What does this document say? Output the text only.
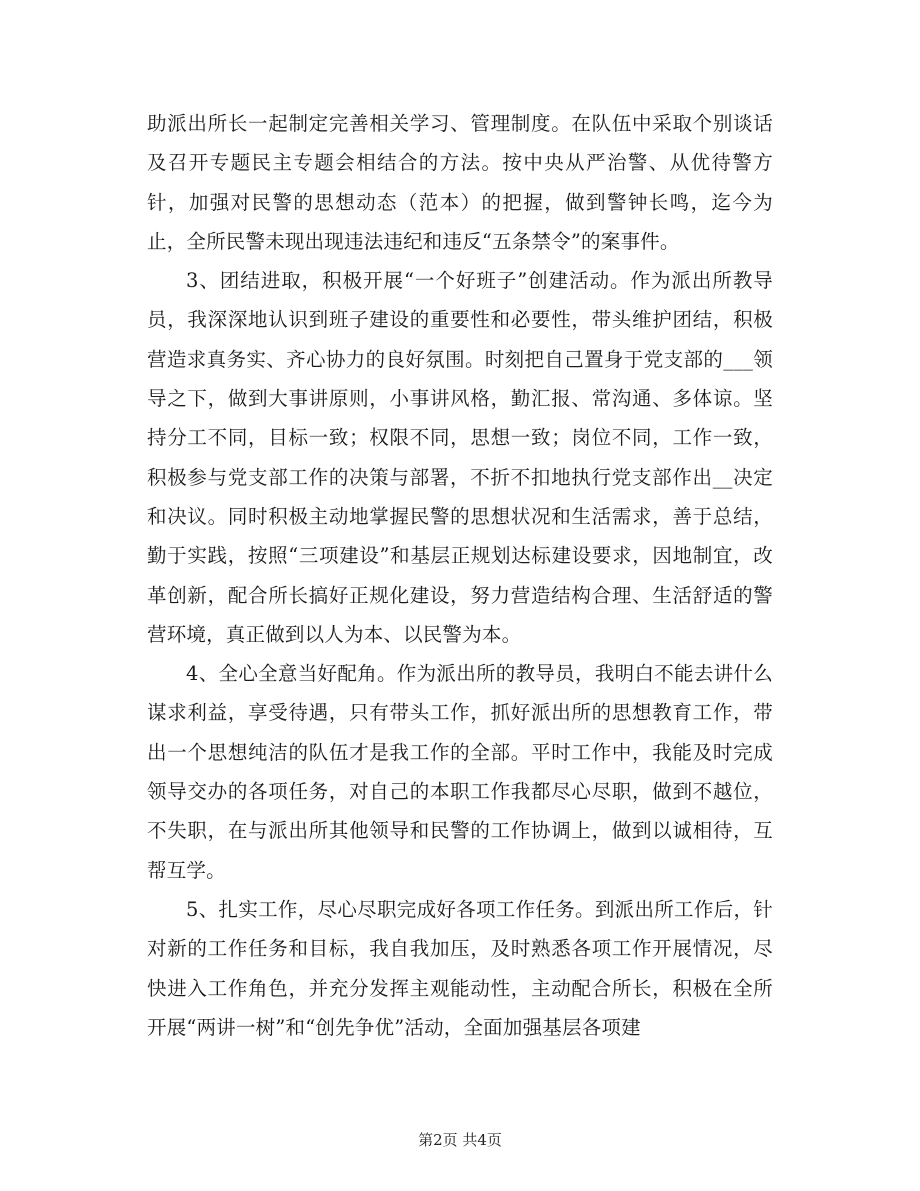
助派出所长一起制定完善相关学习、管理制度。在队伍中采取个别谈话及召开专题民主专题会相结合的方法。按中央从严治警、从优待警方针，加强对民警的思想动态（范本）的把握，做到警钟长鸣，迄今为止，全所民警未现出现违法违纪和违反“五条禁令”的案事件。

3、团结进取，积极开展“一个好班子”创建活动。作为派出所教导员，我深深地认识到班子建设的重要性和必要性，带头维护团结，积极营造求真务实、齐心协力的良好氛围。时刻把自己置身于党支部的___领导之下，做到大事讲原则，小事讲风格，勤汇报、常沟通、多体谅。坚持分工不同，目标一致；权限不同，思想一致；岗位不同，工作一致，积极参与党支部工作的决策与部署，不折不扣地执行党支部作出__决定和决议。同时积极主动地掌握民警的思想状况和生活需求，善于总结，勤于实践，按照“三项建设”和基层正规划达标建设要求，因地制宜，改革创新，配合所长搞好正规化建设，努力营造结构合理、生活舒适的警营环境，真正做到以人为本、以民警为本。

4、全心全意当好配角。作为派出所的教导员，我明白不能去讲什么谋求利益，享受待遇，只有带头工作，抓好派出所的思想教育工作，带出一个思想纯洁的队伍才是我工作的全部。平时工作中，我能及时完成领导交办的各项任务，对自己的本职工作我都尽心尽职，做到不越位，不失职，在与派出所其他领导和民警的工作协调上，做到以诚相待，互帮互学。

5、扎实工作，尽心尽职完成好各项工作任务。到派出所工作后，针对新的工作任务和目标，我自我加压，及时熟悉各项工作开展情况，尽快进入工作角色，并充分发挥主观能动性，主动配合所长，积极在全所开展“两讲一树”和“创先争优”活动，全面加强基层各项建

第2页 共4页
